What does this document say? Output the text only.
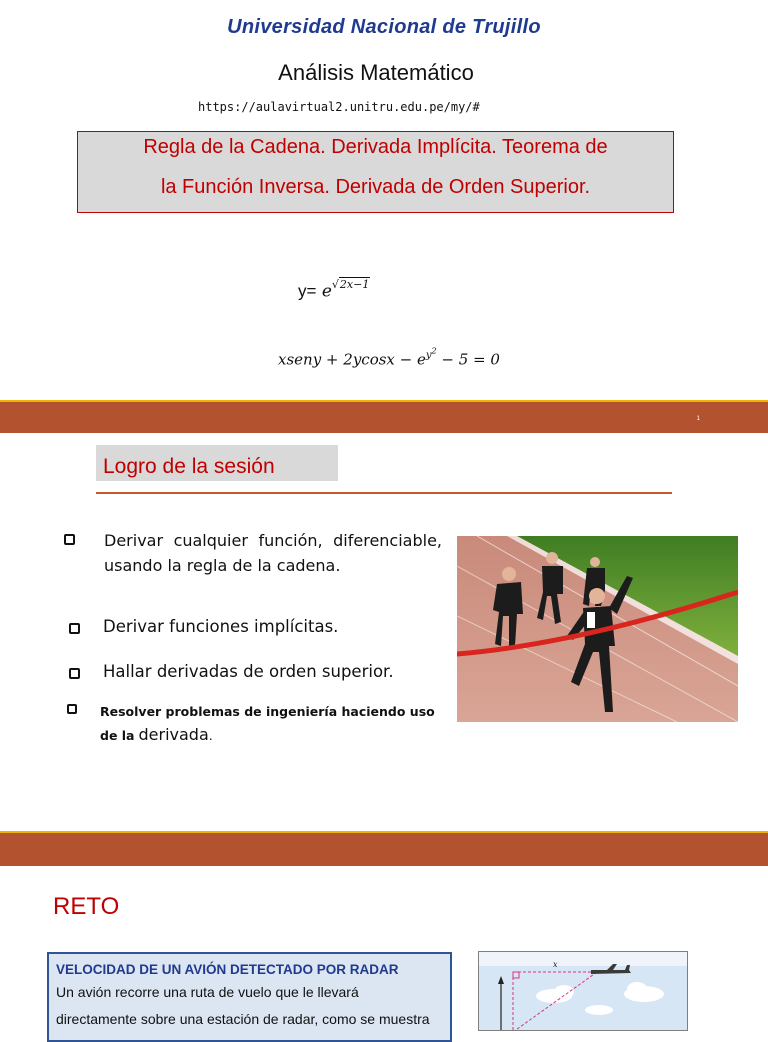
Universidad Nacional de Trujillo
Análisis Matemático
https://aulavirtual2.unitru.edu.pe/my/#
Regla de la Cadena. Derivada Implícita. Teorema de
la Función Inversa. Derivada de Orden Superior.
$y= e^{√2x-1}$
xseny + $2ycosx - e^{y^2} - 5 = 0$
1
Logro de la sesión
Derivar cualquier función, diferenciable, usando la regla de la cadena.
Derivar funciones implícitas.
Hallar derivadas de orden superior.
Resolver problemas de ingeniería haciendo uso de la derivada.
RETO
VELOCIDAD DE UN AVIÓN DETECTADO POR RADAR
Un avión recorre una ruta de vuelo que le llevará
directamente sobre una estación de radar, como se muestra
x
